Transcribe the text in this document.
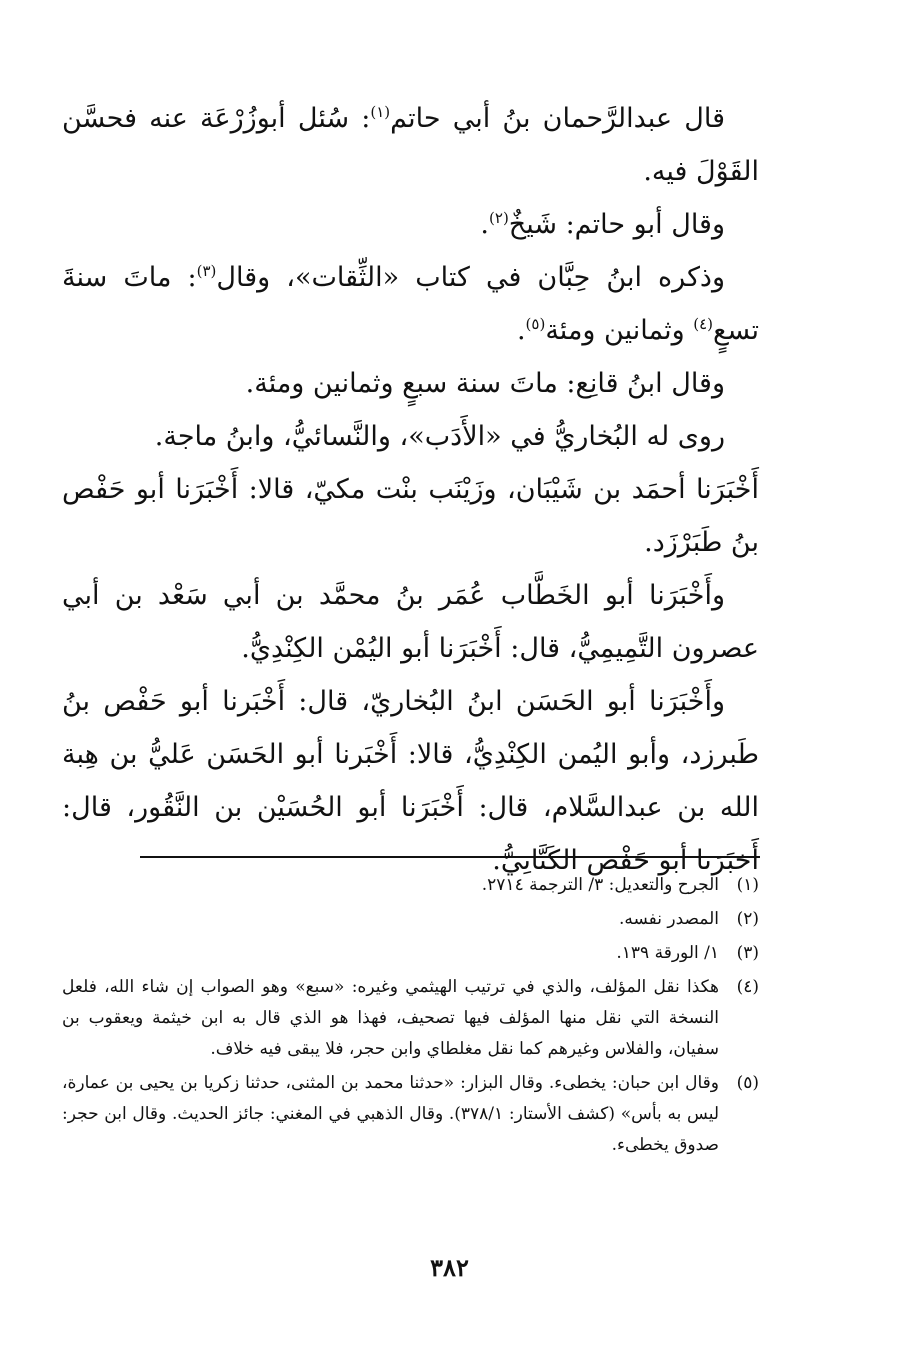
قال عبدالرَّحمان بنُ أبي حاتم$^{(١)}$: سُئل أبوزُرْعَة عنه فحسَّن القَوْلَ فيه.

وقال أبو حاتم: شَيخٌ$^{(٢)}$.

وذكره ابنُ حِبَّان في كتاب «الثِّقات»، وقال$^{(٣)}$: ماتَ سنةَ تسعٍ$^{(٤)}$ وثمانين ومئة$^{(٥)}$.

وقال ابنُ قانِع: ماتَ سنة سبعٍ وثمانين ومئة.

روى له البُخاريُّ في «الأَدَب»، والنَّسائيُّ، وابنُ ماجة.

أَخْبَرَنا أحمَد بن شَيْبَان، وزَيْنَب بنْت مكيّ، قالا: أَخْبَرَنا أبو حَفْص بنُ طَبَرْزَد.

وأَخْبَرَنا أبو الخَطَّاب عُمَر بنُ محمَّد بن أبي سَعْد بن أبي عصرون التَّمِيمِيُّ، قال: أَخْبَرَنا أبو اليُمْن الكِنْدِيُّ.

وأَخْبَرَنا أبو الحَسَن ابنُ البُخاريّ، قال: أَخْبَرنا أبو حَفْص بنُ طَبرزد، وأبو اليُمن الكِنْدِيُّ، قالا: أَخْبَرنا أبو الحَسَن عَليُّ بن هِبة الله بن عبدالسَّلام، قال: أَخْبَرَنا أبو الحُسَيْن بن النَّقُور، قال: أَخبَرَنا أبو حَفْص الكَتَّانِيُّ.

(١)
الجرح والتعديل: ٣/ الترجمة ٢٧١٤.
(٢)
المصدر نفسه.
(٣)
١/ الورقة ١٣٩.
(٤)
هكذا نقل المؤلف، والذي في ترتيب الهيثمي وغيره: «سبع» وهو الصواب إن شاء الله، فلعل النسخة التي نقل منها المؤلف فيها تصحيف، فهذا هو الذي قال به ابن خيثمة ويعقوب بن سفيان، والفلاس وغيرهم كما نقل مغلطاي وابن حجر، فلا يبقى فيه خلاف.
(٥)
وقال ابن حبان: يخطىء. وقال البزار: «حدثنا محمد بن المثنى، حدثنا زكريا بن يحيى بن عمارة، ليس به بأس» (كشف الأستار: ٣٧٨/١). وقال الذهبي في المغني: جائز الحديث. وقال ابن حجر: صدوق يخطىء.
٣٨٢
